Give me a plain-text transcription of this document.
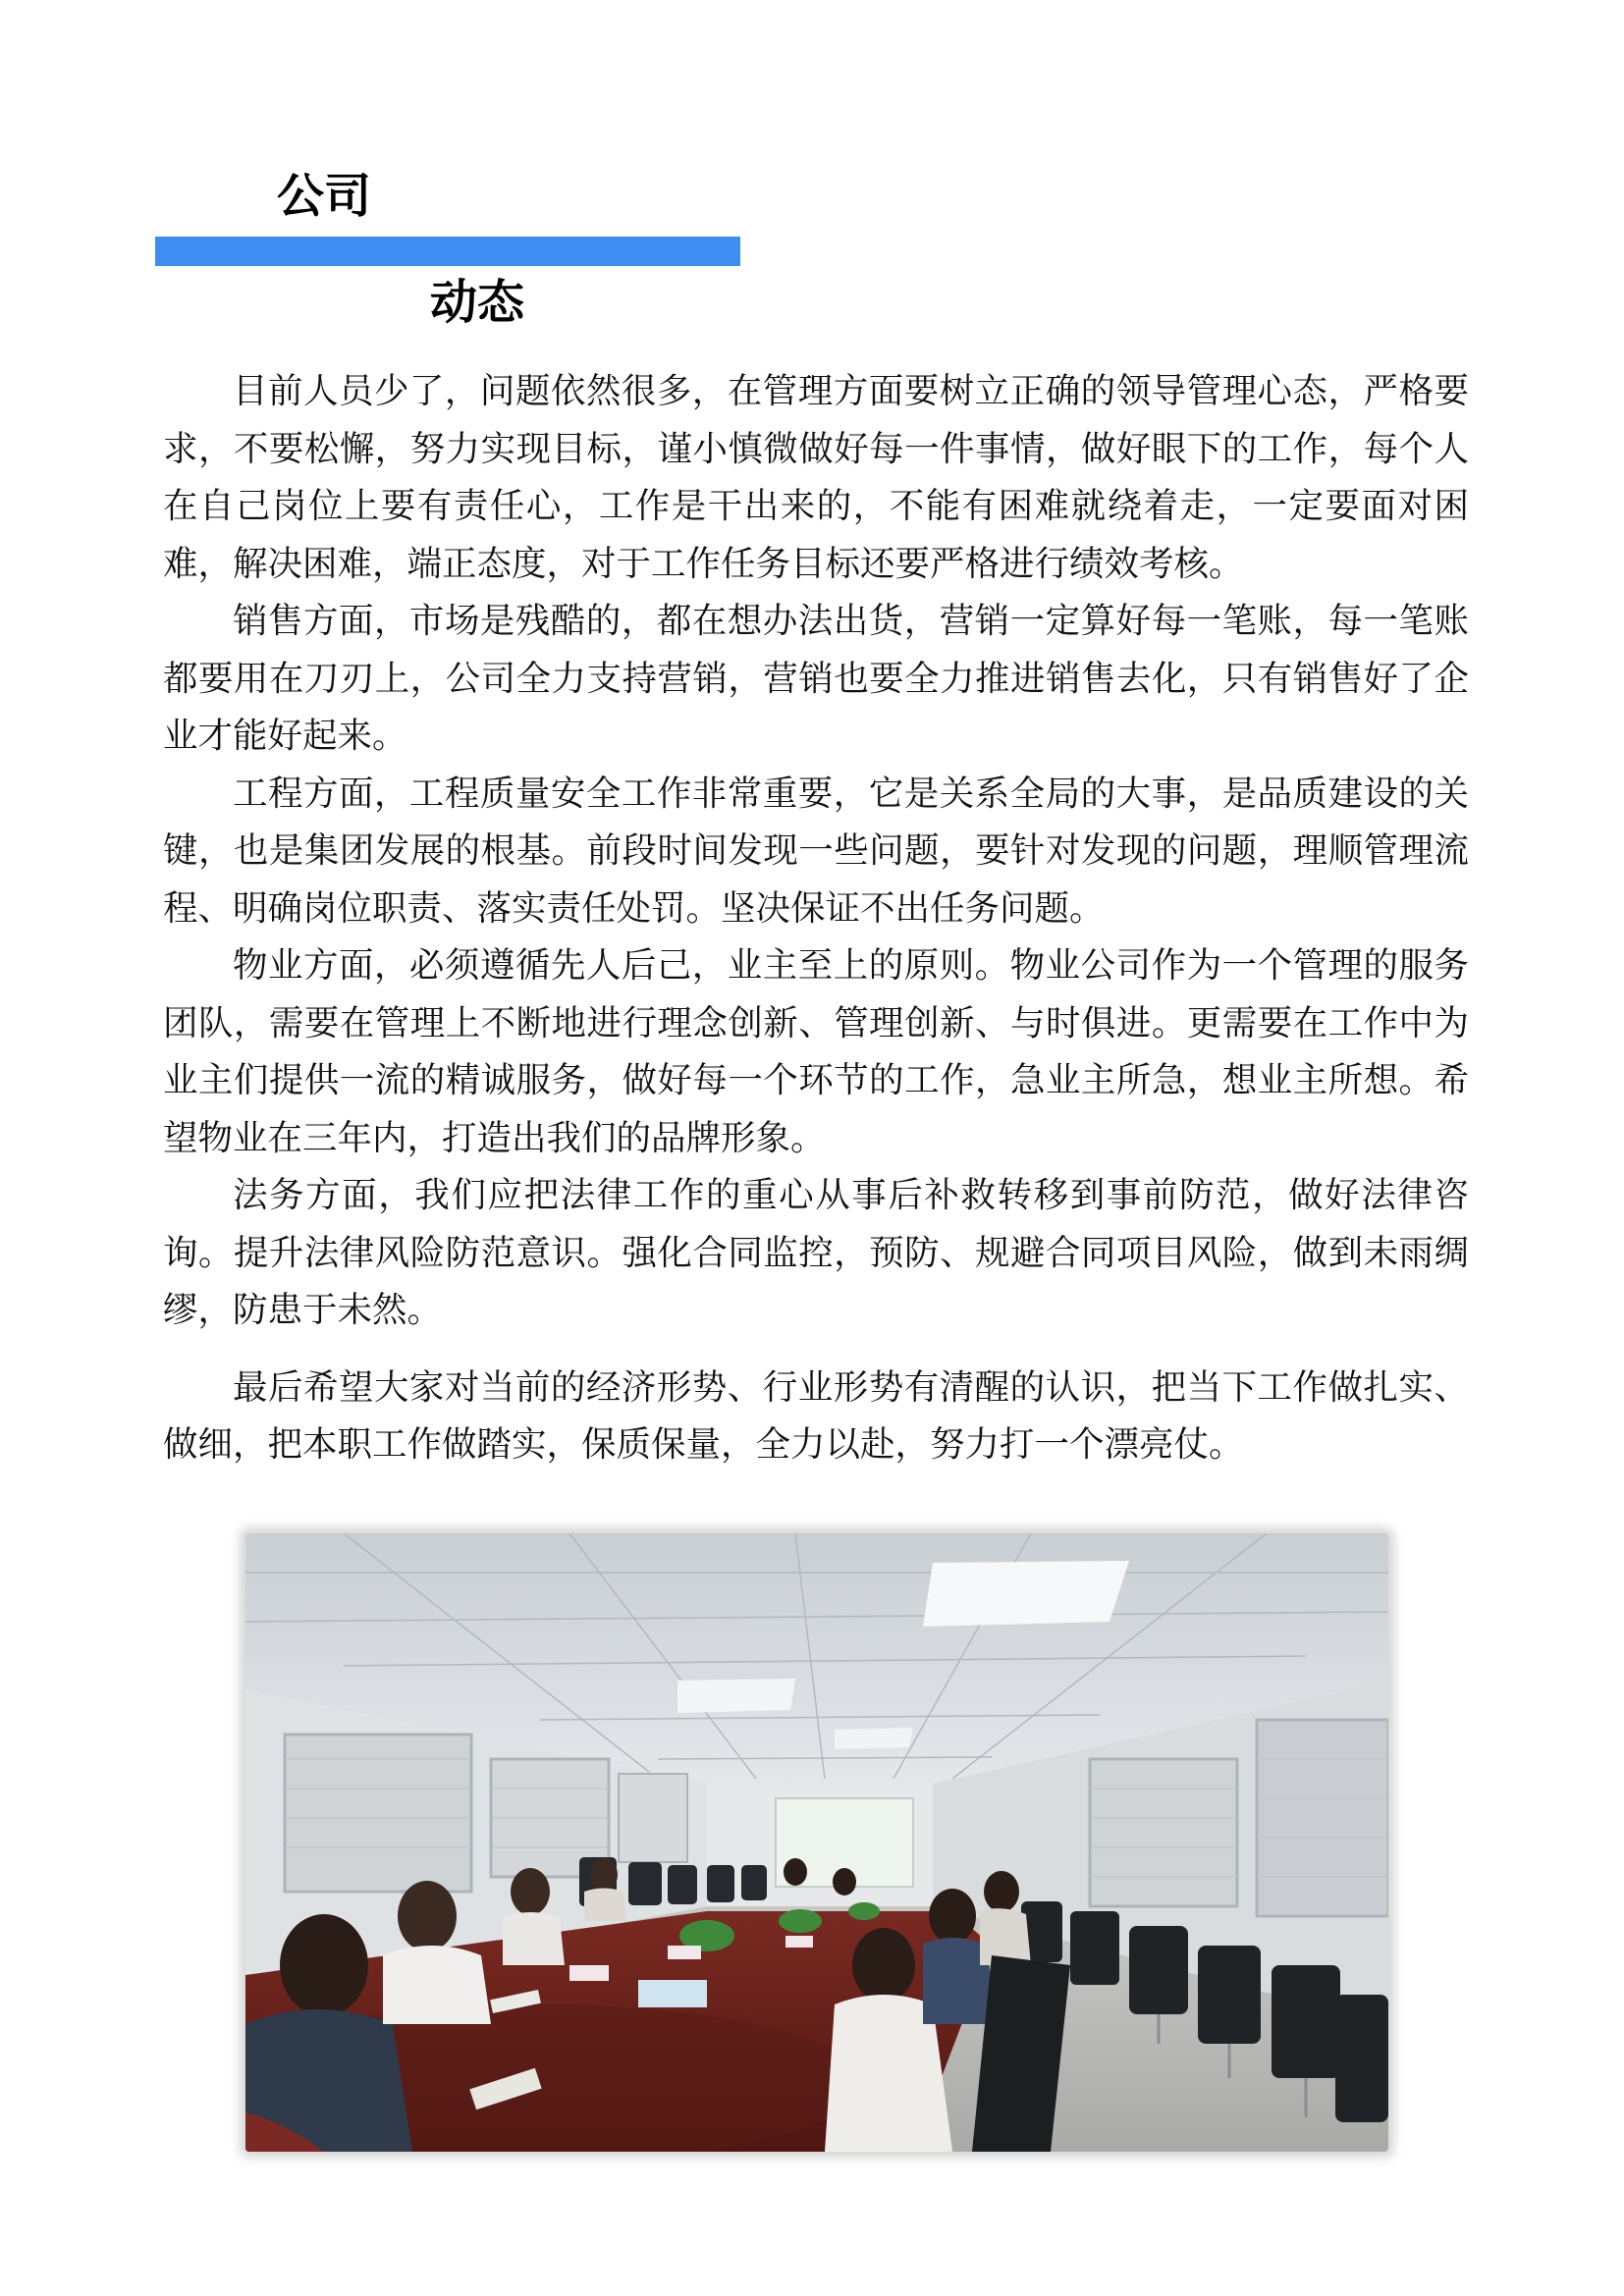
公司
动态

目前人员少了，问题依然很多，在管理方面要树立正确的领导管理心态，严格要求，不要松懈，努力实现目标，谨小慎微做好每一件事情，做好眼下的工作，每个人在自己岗位上要有责任心，工作是干出来的，不能有困难就绕着走，一定要面对困难，解决困难，端正态度，对于工作任务目标还要严格进行绩效考核。

销售方面，市场是残酷的，都在想办法出货，营销一定算好每一笔账，每一笔账都要用在刀刃上，公司全力支持营销，营销也要全力推进销售去化，只有销售好了企业才能好起来。

工程方面，工程质量安全工作非常重要，它是关系全局的大事，是品质建设的关键，也是集团发展的根基。前段时间发现一些问题，要针对发现的问题，理顺管理流程、明确岗位职责、落实责任处罚。坚决保证不出任务问题。

物业方面，必须遵循先人后己，业主至上的原则。物业公司作为一个管理的服务团队，需要在管理上不断地进行理念创新、管理创新、与时俱进。更需要在工作中为业主们提供一流的精诚服务，做好每一个环节的工作，急业主所急，想业主所想。希望物业在三年内，打造出我们的品牌形象。

法务方面，我们应把法律工作的重心从事后补救转移到事前防范，做好法律咨询。提升法律风险防范意识。强化合同监控，预防、规避合同项目风险，做到未雨绸缪，防患于未然。

最后希望大家对当前的经济形势、行业形势有清醒的认识，把当下工作做扎实、做细，把本职工作做踏实，保质保量，全力以赴，努力打一个漂亮仗。
